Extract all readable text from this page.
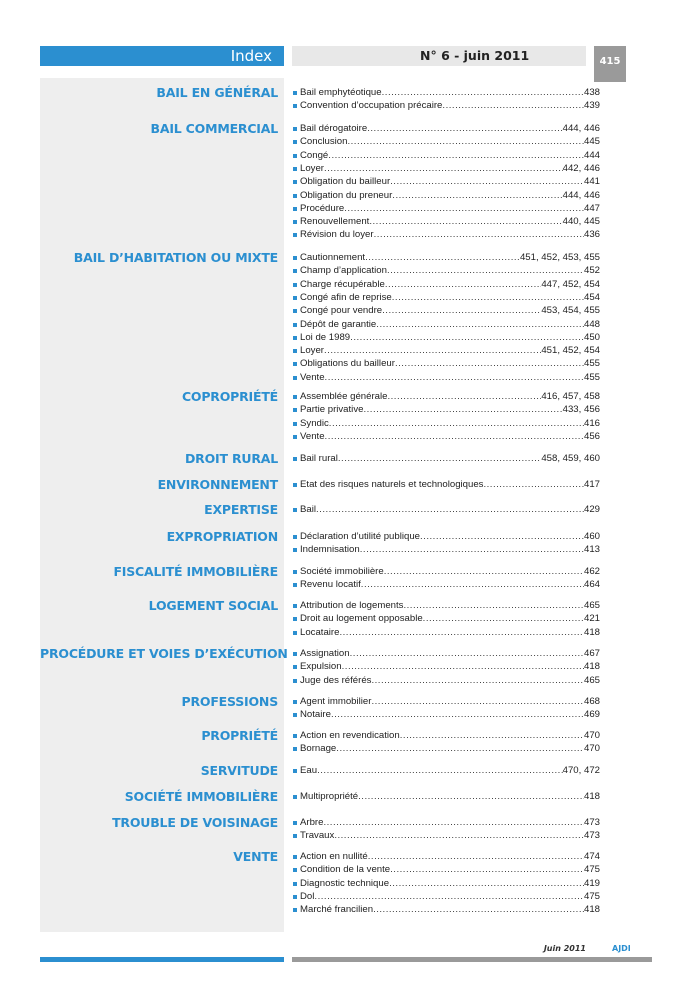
Index	N° 6 - juin 2011	415
BAIL EN GÉNÉRAL Bail emphytéotique .....	438
Convention d’occupation précaire .....	439
BAIL COMMERCIAL Bail dérogatoire .....	444, 446
Conclusion .....	445
Congé .....	444
Loyer .....	442, 446
Obligation du bailleur .....	441
Obligation du preneur .....	444, 446
Procédure .....	447
Renouvellement .....	440, 445
Révision du loyer .....	436
BAIL D’HABITATION OU MIXTE Cautionnement .....	451, 452, 453, 455
Champ d’application .....	452
Charge récupérable .....	447, 452, 454
Congé afin de reprise .....	454
Congé pour vendre .....	453, 454, 455
Dépôt de garantie .....	448
Loi de 1989 .....	450
Loyer .....	451, 452, 454
Obligations du bailleur .....	455
Vente .....	455
COPROPRIÉTÉ Assemblée générale .....	416, 457, 458
Partie privative .....	433, 456
Syndic .....	416
Vente .....	456
DROIT RURAL Bail rural .....	458, 459, 460
ENVIRONNEMENT Etat des risques naturels et technologiques .....	417
EXPERTISE Bail .....	429
EXPROPRIATION Déclaration d’utilité publique .....	460
Indemnisation .....	413
FISCALITÉ IMMOBILIÈRE Société immobilière .....	462
Revenu locatif .....	464
LOGEMENT SOCIAL Attribution de logements .....	465
Droit au logement opposable .....	421
Locataire .....	418
PROCÉDURE ET VOIES D’EXÉCUTION Assignation .....	467
Expulsion .....	418
Juge des référés .....	465
PROFESSIONS Agent immobilier .....	468
Notaire .....	469
PROPRIÉTÉ Action en revendication .....	470
Bornage .....	470
SERVITUDE Eau .....	470, 472
SOCIÉTÉ IMMOBILIÈRE Multipropriété .....	418
TROUBLE DE VOISINAGE Arbre .....	473
Travaux .....	473
VENTE Action en nullité .....	474
Condition de la vente .....	475
Diagnostic technique .....	419
Dol .....	475
Marché francilien .....	418
Juin 2011	AJDI
